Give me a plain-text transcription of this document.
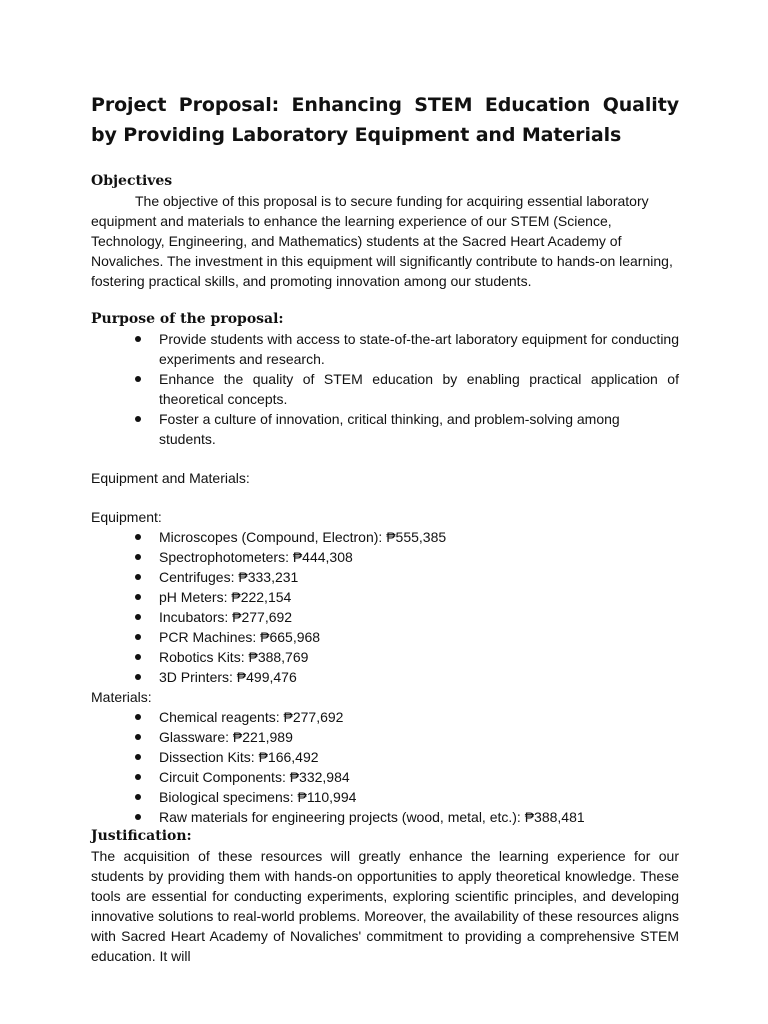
Project Proposal: Enhancing STEM Education Quality by Providing Laboratory Equipment and Materials
Objectives

The objective of this proposal is to secure funding for acquiring essential laboratory equipment and materials to enhance the learning experience of our STEM (Science, Technology, Engineering, and Mathematics) students at the Sacred Heart Academy of Novaliches. The investment in this equipment will significantly contribute to hands-on learning, fostering practical skills, and promoting innovation among our students.

Purpose of the proposal:
Provide students with access to state-of-the-art laboratory equipment for conducting experiments and research.
Enhance the quality of STEM education by enabling practical application of theoretical concepts.
Foster a culture of innovation, critical thinking, and problem-solving among students.

Equipment and Materials:

Equipment:

Microscopes (Compound, Electron): ₱555,385
Spectrophotometers: ₱444,308
Centrifuges: ₱333,231
pH Meters: ₱222,154
Incubators: ₱277,692
PCR Machines: ₱665,968
Robotics Kits: ₱388,769
3D Printers: ₱499,476

Materials:

Chemical reagents: ₱277,692
Glassware: ₱221,989
Dissection Kits: ₱166,492
Circuit Components: ₱332,984
Biological specimens: ₱110,994
Raw materials for engineering projects (wood, metal, etc.): ₱388,481
Justification:

The acquisition of these resources will greatly enhance the learning experience for our students by providing them with hands-on opportunities to apply theoretical knowledge. These tools are essential for conducting experiments, exploring scientific principles, and developing innovative solutions to real-world problems. Moreover, the availability of these resources aligns with Sacred Heart Academy of Novaliches' commitment to providing a comprehensive STEM education. It will
